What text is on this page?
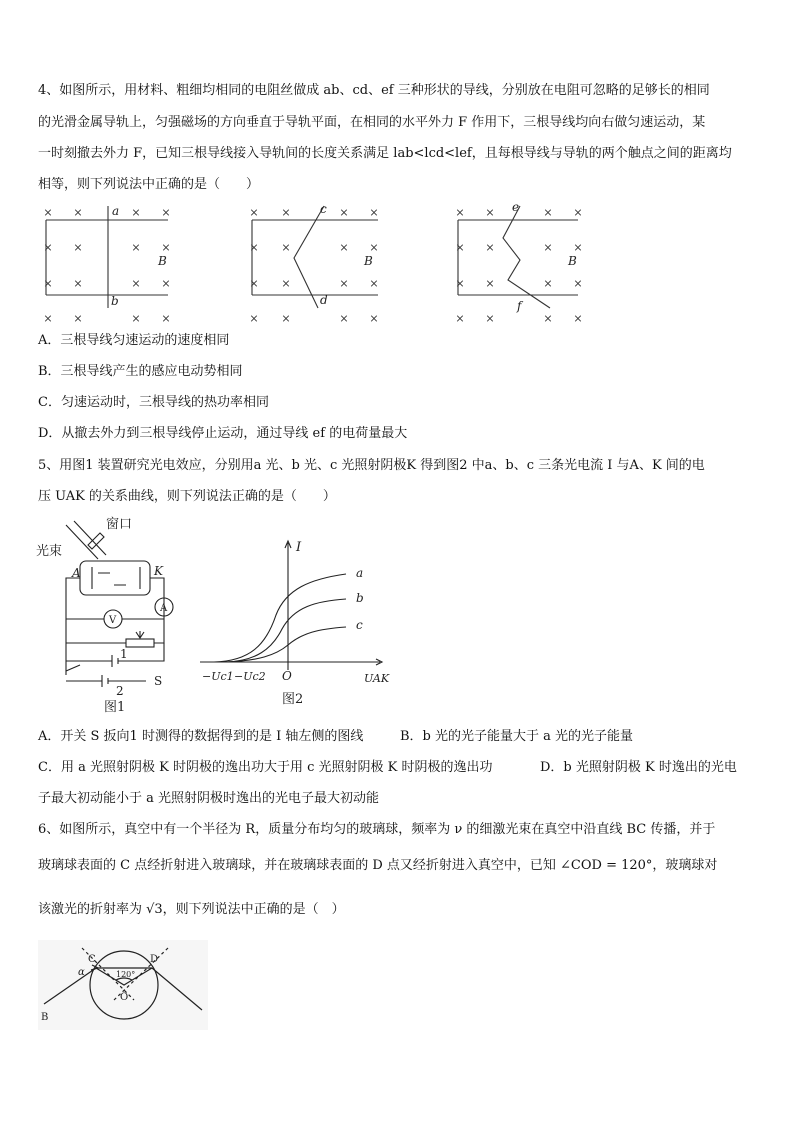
4、如图所示，用材料、粗细均相同的电阻丝做成 ab、cd、ef 三种形状的导线，分别放在电阻可忽略的足够长的相同
的光滑金属导轨上，匀强磁场的方向垂直于导轨平面，在相同的水平外力 F 作用下，三根导线均向右做匀速运动，某
一时刻撤去外力 F，已知三根导线接入导轨间的长度关系满足 lab<lcd<lef，且每根导线与导轨的两个触点之间的距离均
相等，则下列说法中正确的是（　　）
× ×	× ×
× ×	× ×
× ×	× ×
× ×	× ×
× ×	× ×
× ×	× ×
× ×	× ×
× ×	× ×
× ×	× ×
× ×	× ×
× ×	× ×
× ×	× ×
a
b
B
c
d
B
e
f
B
A．三根导线匀速运动的速度相同
B．三根导线产生的感应电动势相同
C．匀速运动时，三根导线的热功率相同
D．从撤去外力到三根导线停止运动，通过导线 ef 的电荷量最大
5、用图1 装置研究光电效应，分别用a 光、b 光、c 光照射阴极K 得到图2 中a、b、c 三条光电流 I 与A、K 间的电
压 UAK 的关系曲线，则下列说法正确的是（　　）
窗口
光束
A	K
V
A
1
2
S
图1
I
O
−Uc1 −Uc2	UAK
a
b
c
图2
A．开关 S 扳向1 时测得的数据得到的是 I 轴左侧的图线	B．b 光的光子能量大于 a 光的光子能量
C．用 a 光照射阴极 K 时阴极的逸出功大于用 c 光照射阴极 K 时阴极的逸出功	D．b 光照射阴极 K 时逸出的光电
子最大初动能小于 a 光照射阴极时逸出的光电子最大初动能
6、如图所示，真空中有一个半径为 R，质量分布均匀的玻璃球，频率为 ν 的细激光束在真空中沿直线 BC 传播，并于
玻璃球表面的 C 点经折射进入玻璃球，并在玻璃球表面的 D 点又经折射进入真空中，已知 ∠COD = 120°，玻璃球对
该激光的折射率为 √3，则下列说法中正确的是（　）
B
C	D
O
α	120°
